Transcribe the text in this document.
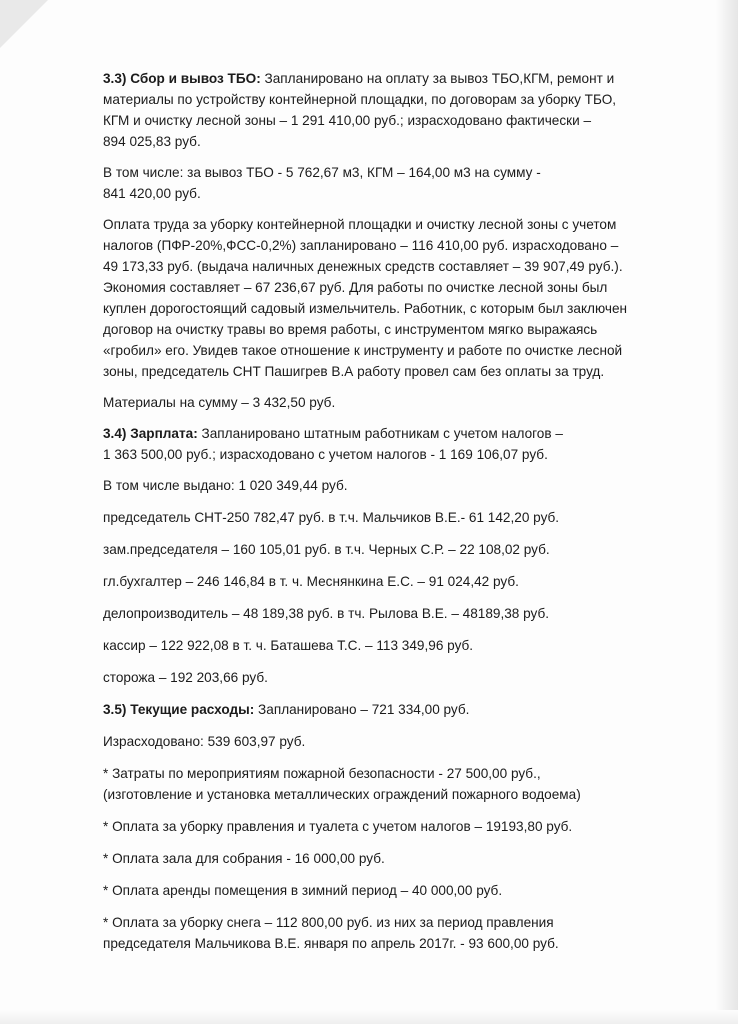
3.3) Сбор и вывоз ТБО: Запланировано на оплату за вывоз ТБО,КГМ, ремонт и
материалы по устройству контейнерной площадки, по договорам за уборку ТБО,
КГМ и очистку лесной зоны – 1 291 410,00 руб.; израсходовано фактически –
894 025,83 руб.
В том числе: за вывоз ТБО - 5 762,67 м3, КГМ – 164,00 м3 на сумму -
841 420,00 руб.
Оплата труда за уборку контейнерной площадки и очистку лесной зоны с учетом
налогов (ПФР-20%,ФСС-0,2%) запланировано – 116 410,00 руб. израсходовано –
49 173,33 руб. (выдача наличных денежных средств составляет – 39 907,49 руб.).
Экономия составляет – 67 236,67 руб. Для работы по очистке лесной зоны был
куплен дорогостоящий садовый измельчитель. Работник, с которым был заключен
договор на очистку травы во время работы, с инструментом мягко выражаясь
«гробил» его. Увидев такое отношение к инструменту и работе по очистке лесной
зоны, председатель СНТ Пашигрев В.А работу провел сам без оплаты за труд.
Материалы на сумму – 3 432,50 руб.
3.4) Зарплата: Запланировано штатным работникам с учетом налогов –
1 363 500,00 руб.; израсходовано с учетом налогов - 1 169 106,07 руб.
В том числе выдано: 1 020 349,44 руб.
председатель СНТ-250 782,47 руб. в т.ч. Мальчиков В.Е.- 61 142,20 руб.
зам.председателя – 160 105,01 руб. в т.ч. Черных С.Р. – 22 108,02 руб.
гл.бухгалтер – 246 146,84 в т. ч. Меснянкина Е.С. – 91 024,42 руб.
делопроизводитель – 48 189,38 руб. в тч. Рылова В.Е. – 48189,38 руб.
кассир – 122 922,08 в т. ч. Баташева Т.С. – 113 349,96 руб.
сторожа – 192 203,66 руб.
3.5) Текущие расходы: Запланировано – 721 334,00 руб.
Израсходовано: 539 603,97 руб.
* Затраты по мероприятиям пожарной безопасности - 27 500,00 руб.,
(изготовление и установка металлических ограждений пожарного водоема)
* Оплата за уборку правления и туалета с учетом налогов – 19193,80 руб.
* Оплата зала для собрания - 16 000,00 руб.
* Оплата аренды помещения в зимний период – 40 000,00 руб.
* Оплата за уборку снега – 112 800,00 руб. из них за период правления
председателя Мальчикова В.Е. января по апрель 2017г. - 93 600,00 руб.
